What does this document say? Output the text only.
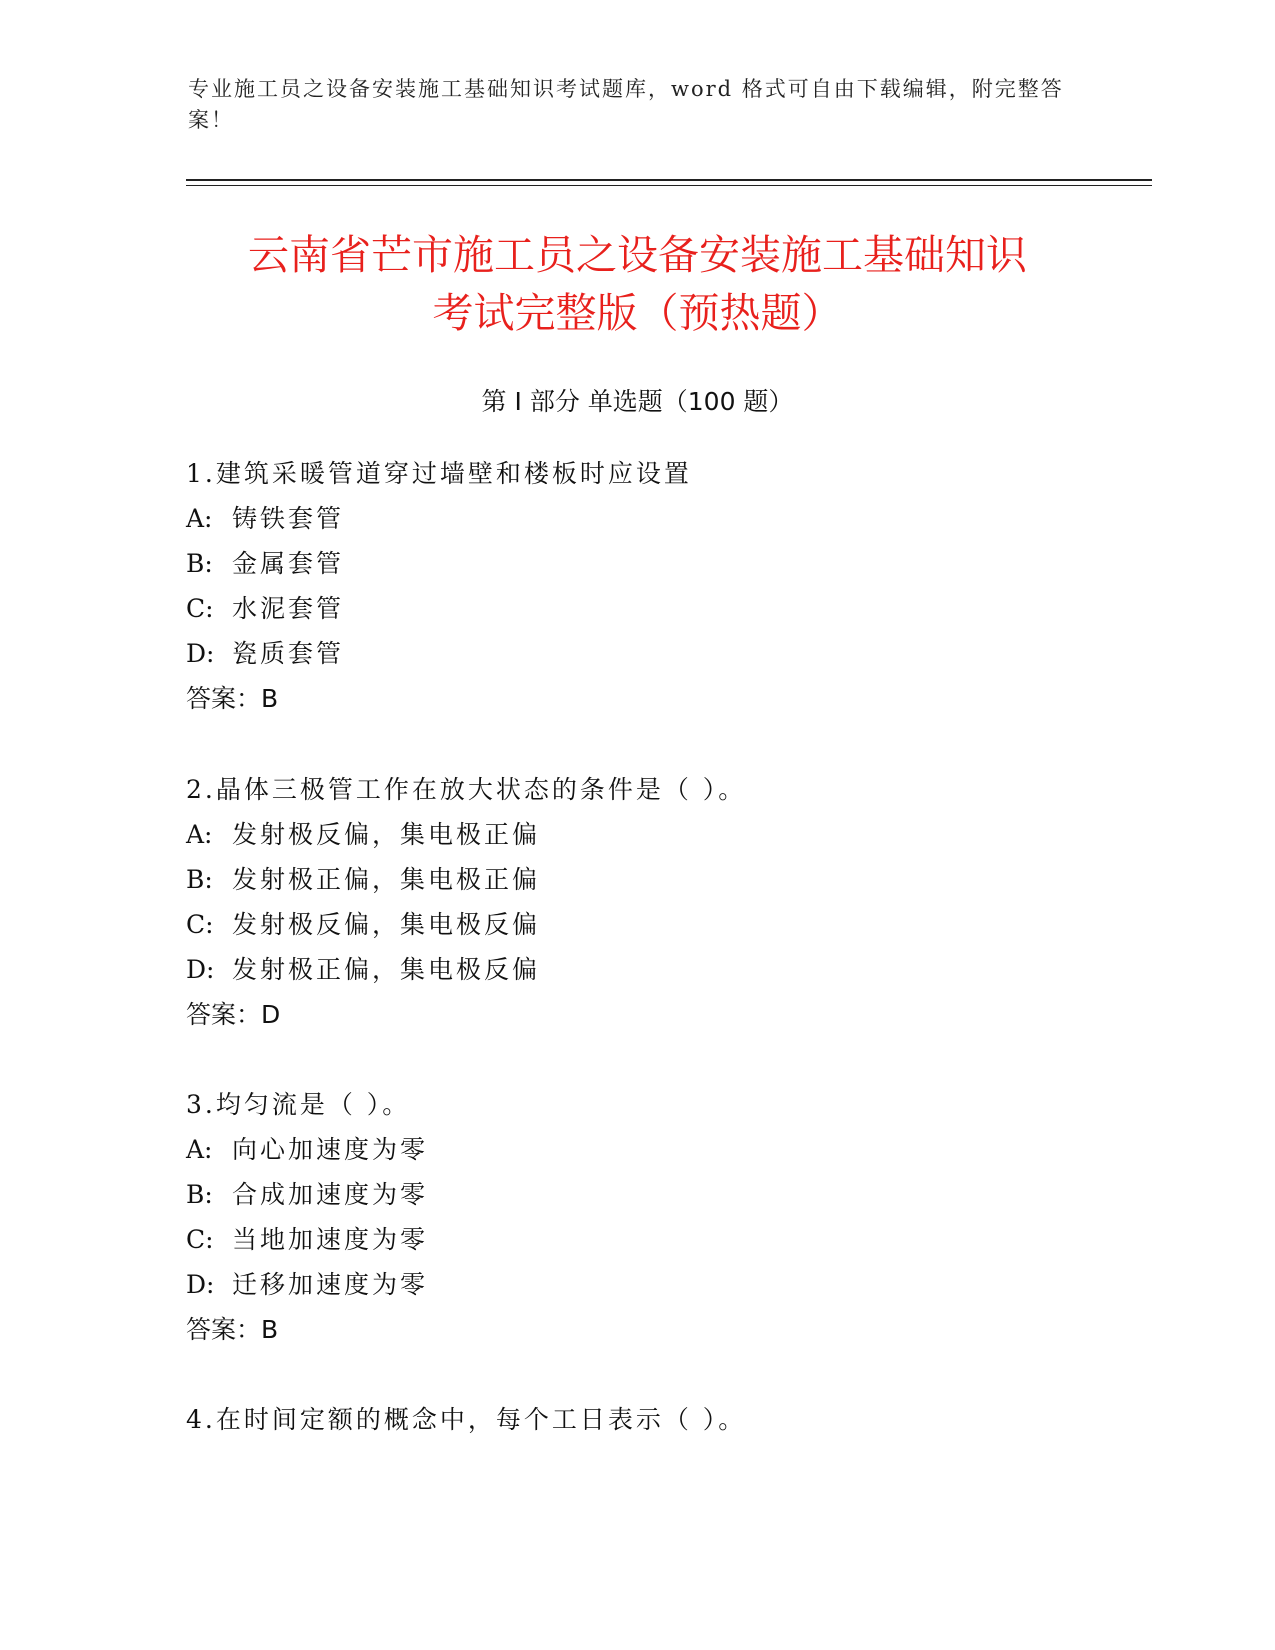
专业施工员之设备安装施工基础知识考试题库，word 格式可自由下载编辑，附完整答案！
云南省芒市施工员之设备安装施工基础知识
考试完整版（预热题）
第 I 部分 单选题（100 题）
1.建筑采暖管道穿过墙壁和楼板时应设置
A: 铸铁套管
B: 金属套管
C: 水泥套管
D: 瓷质套管
答案：B
2.晶体三极管工作在放大状态的条件是（ ）。
A: 发射极反偏，集电极正偏
B: 发射极正偏，集电极正偏
C: 发射极反偏，集电极反偏
D: 发射极正偏，集电极反偏
答案：D
3.均匀流是（ ）。
A: 向心加速度为零
B: 合成加速度为零
C: 当地加速度为零
D: 迁移加速度为零
答案：B
4.在时间定额的概念中，每个工日表示（ ）。
